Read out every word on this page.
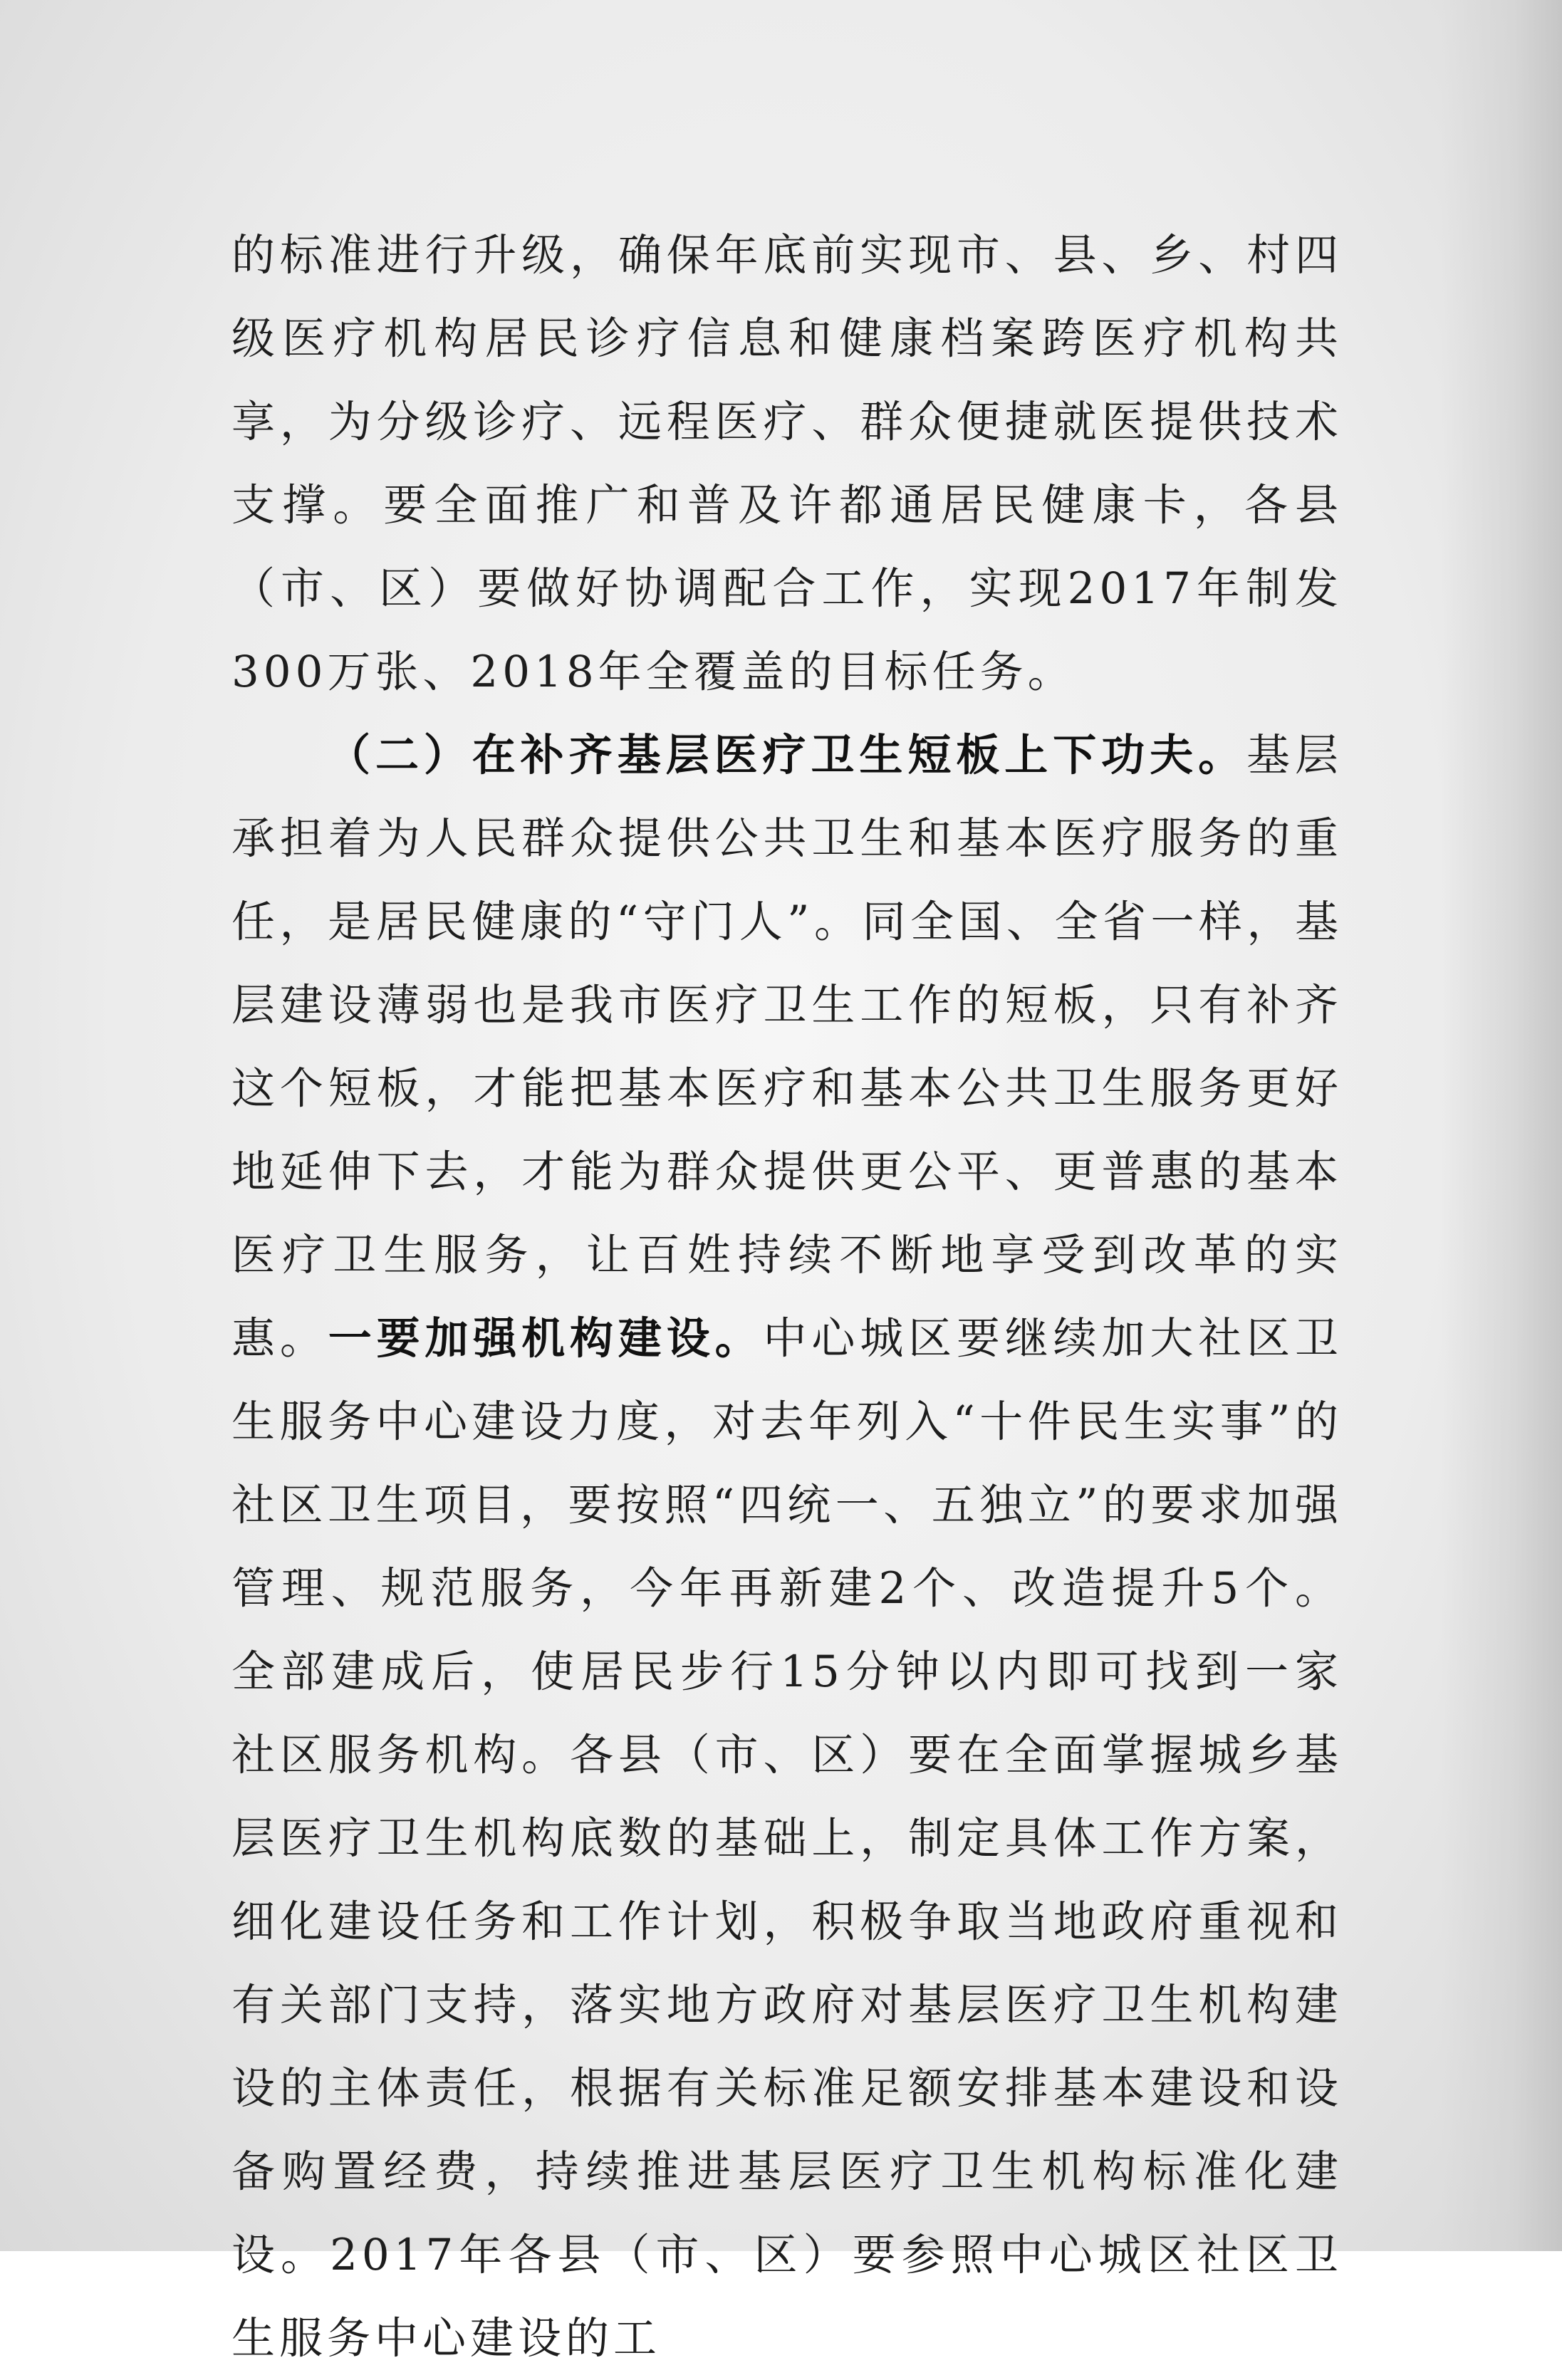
的标准进行升级，确保年底前实现市、县、乡、村四级医疗机构居民诊疗信息和健康档案跨医疗机构共享，为分级诊疗、远程医疗、群众便捷就医提供技术支撑。要全面推广和普及许都通居民健康卡，各县（市、区）要做好协调配合工作，实现2017年制发300万张、2018年全覆盖的目标任务。

（二）在补齐基层医疗卫生短板上下功夫。基层承担着为人民群众提供公共卫生和基本医疗服务的重任，是居民健康的“守门人”。同全国、全省一样，基层建设薄弱也是我市医疗卫生工作的短板，只有补齐这个短板，才能把基本医疗和基本公共卫生服务更好地延伸下去，才能为群众提供更公平、更普惠的基本医疗卫生服务，让百姓持续不断地享受到改革的实惠。一要加强机构建设。中心城区要继续加大社区卫生服务中心建设力度，对去年列入“十件民生实事”的社区卫生项目，要按照“四统一、五独立”的要求加强管理、规范服务，今年再新建2个、改造提升5个。全部建成后，使居民步行15分钟以内即可找到一家社区服务机构。各县（市、区）要在全面掌握城乡基层医疗卫生机构底数的基础上，制定具体工作方案，细化建设任务和工作计划，积极争取当地政府重视和有关部门支持，落实地方政府对基层医疗卫生机构建设的主体责任，根据有关标准足额安排基本建设和设备购置经费，持续推进基层医疗卫生机构标准化建设。2017年各县（市、区）要参照中心城区社区卫生服务中心建设的工
